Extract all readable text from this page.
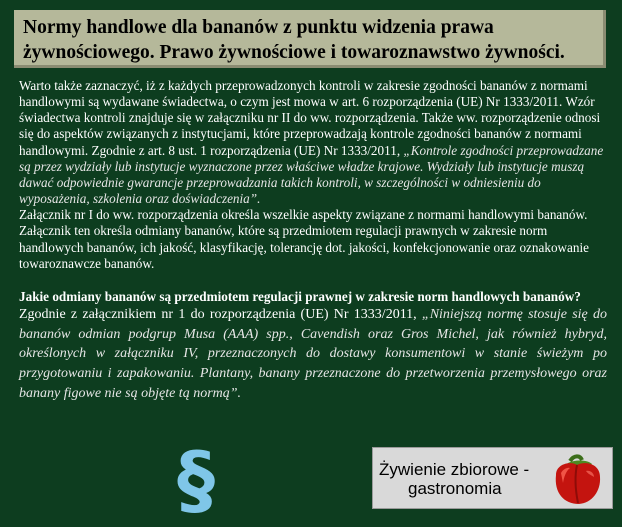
Normy handlowe dla bananów z punktu widzenia prawa żywnościowego. Prawo żywnościowe i towaroznawstwo żywności.

Warto także zaznaczyć, iż z każdych przeprowadzonych kontroli w zakresie zgodności bananów z normami handlowymi są wydawane świadectwa, o czym jest mowa w art. 6 rozporządzenia (UE) Nr 1333/2011. Wzór świadectwa kontroli znajduje się w załączniku nr II do ww. rozporządzenia. Także ww. rozporządzenie odnosi się do aspektów związanych z instytucjami, które przeprowadzają kontrole zgodności bananów z normami handlowymi. Zgodnie z art. 8 ust. 1 rozporządzenia (UE) Nr 1333/2011, „Kontrole zgodności przeprowadzane są przez wydziały lub instytucje wyznaczone przez właściwe władze krajowe. Wydziały lub instytucje muszą dawać odpowiednie gwarancje przeprowadzania takich kontroli, w szczególności w odniesieniu do wyposażenia, szkolenia oraz doświadczenia”.

Załącznik nr I do ww. rozporządzenia określa wszelkie aspekty związane z normami handlowymi bananów. Załącznik ten określa odmiany bananów, które są przedmiotem regulacji prawnych w zakresie norm handlowych bananów, ich jakość, klasyfikację, tolerancję dot. jakości, konfekcjonowanie oraz oznakowanie towaroznawcze bananów.

Jakie odmiany bananów są przedmiotem regulacji prawnej w zakresie norm handlowych bananów?

Zgodnie z załącznikiem nr 1 do rozporządzenia (UE) Nr 1333/2011, „Niniejszą normę stosuje się do bananów odmian podgrup Musa (AAA) spp., Cavendish oraz Gros Michel, jak również hybryd, określonych w załączniku IV, przeznaczonych do dostawy konsumentowi w stanie świeżym po przygotowaniu i zapakowaniu. Plantany, banany przeznaczone do przetworzenia przemysłowego oraz banany figowe nie są objęte tą normą”.

§	Żywienie zbiorowe -
gastronomia
